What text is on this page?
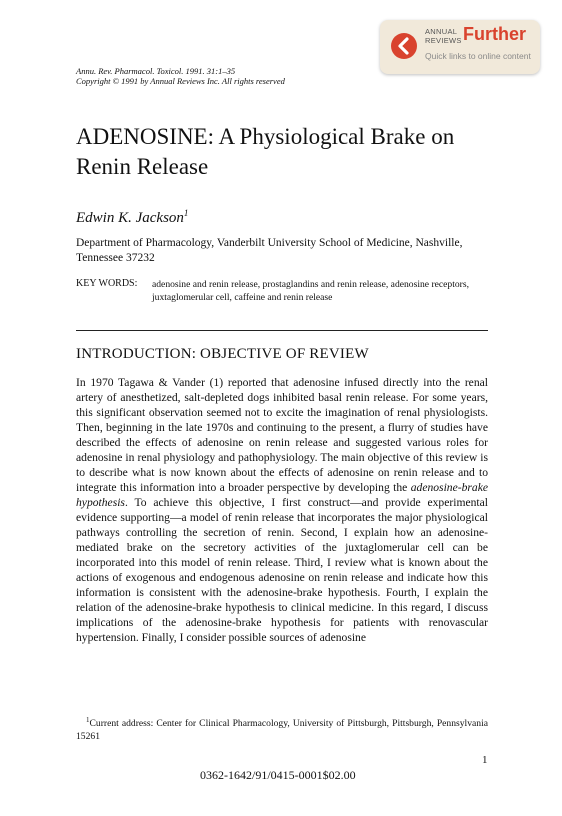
ANNUAL
REVIEWS Further
Quick links to online content
Annu. Rev. Pharmacol. Toxicol. 1991. 31:1–35
Copyright © 1991 by Annual Reviews Inc. All rights reserved
ADENOSINE: A Physiological Brake on Renin Release
Edwin K. Jackson$^1$
Department of Pharmacology, Vanderbilt University School of Medicine, Nashville, Tennessee 37232
KEY WORDS: adenosine and renin release, prostaglandins and renin release, adenosine receptors, juxtaglomerular cell, caffeine and renin release
INTRODUCTION: OBJECTIVE OF REVIEW

In 1970 Tagawa & Vander (1) reported that adenosine infused directly into the renal artery of anesthetized, salt-depleted dogs inhibited basal renin release. For some years, this significant observation seemed not to excite the imagination of renal physiologists. Then, beginning in the late 1970s and continuing to the present, a flurry of studies have described the effects of adenosine on renin release and suggested various roles for adenosine in renal physiology and pathophysiology. The main objective of this review is to describe what is now known about the effects of adenosine on renin release and to integrate this information into a broader perspective by developing the adenosine-brake hypothesis. To achieve this objective, I first construct—and provide experimental evidence supporting—a model of renin release that incorporates the major physiological pathways controlling the secretion of renin. Second, I explain how an adenosine-mediated brake on the secretory activities of the juxtaglomerular cell can be incorporated into this model of renin release. Third, I review what is known about the actions of exogenous and endogenous adenosine on renin release and indicate how this information is consistent with the adenosine-brake hypothesis. Fourth, I explain the relation of the adenosine-brake hypothesis to clinical medicine. In this regard, I discuss implications of the adenosine-brake hypothesis for patients with renovascular hypertension. Finally, I consider possible sources of adenosine

$^1$Current address: Center for Clinical Pharmacology, University of Pittsburgh, Pittsburgh, Pennsylvania 15261

1
0362-1642/91/0415-0001$02.00
